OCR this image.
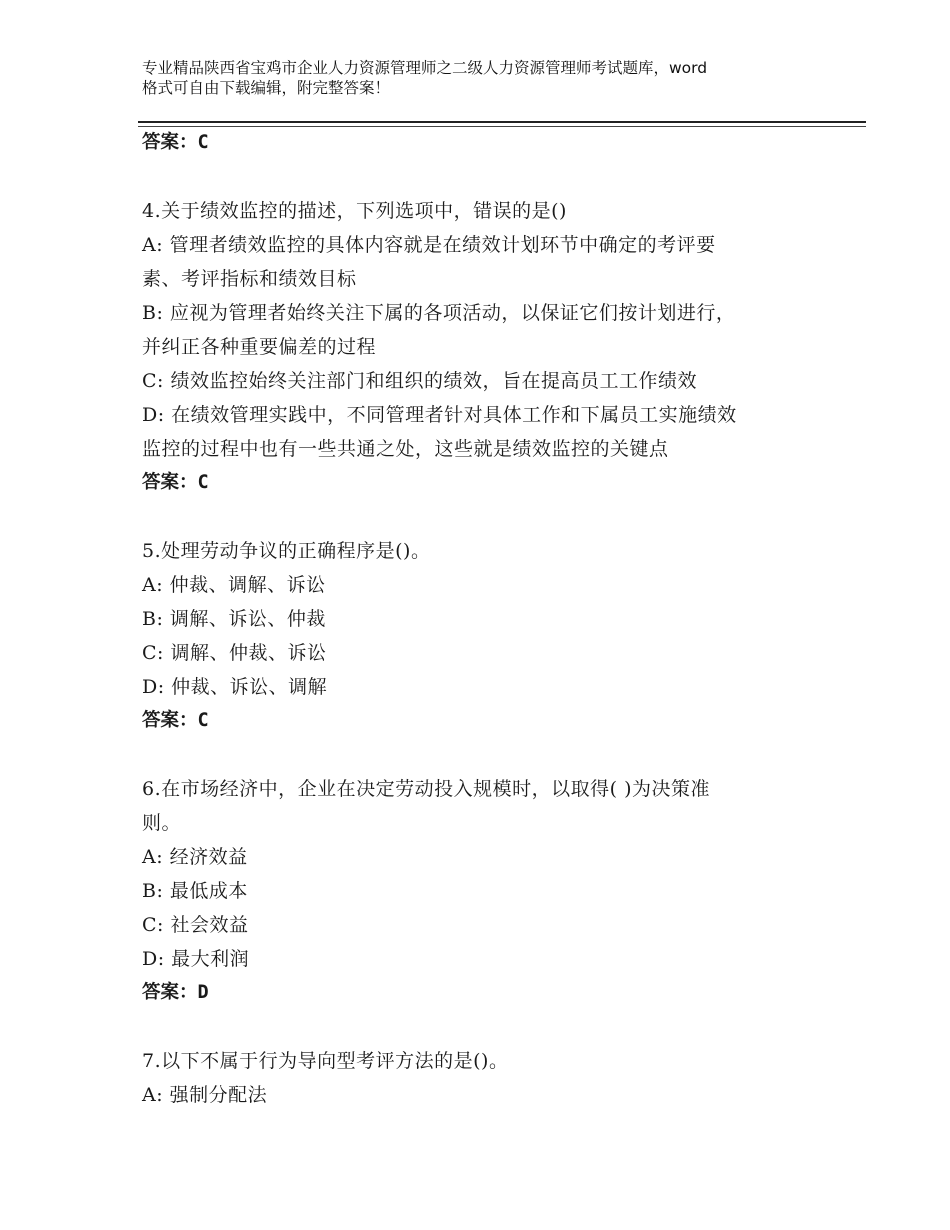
专业精品陕西省宝鸡市企业人力资源管理师之二级人力资源管理师考试题库，word
格式可自由下载编辑，附完整答案！
答案：C
4.关于绩效监控的描述，下列选项中，错误的是()
A: 管理者绩效监控的具体内容就是在绩效计划环节中确定的考评要
素、考评指标和绩效目标
B: 应视为管理者始终关注下属的各项活动，以保证它们按计划进行，
并纠正各种重要偏差的过程
C: 绩效监控始终关注部门和组织的绩效，旨在提高员工工作绩效
D: 在绩效管理实践中，不同管理者针对具体工作和下属员工实施绩效
监控的过程中也有一些共通之处，这些就是绩效监控的关键点
答案：C
5.处理劳动争议的正确程序是()。
A: 仲裁、调解、诉讼
B: 调解、诉讼、仲裁
C: 调解、仲裁、诉讼
D: 仲裁、诉讼、调解
答案：C
6.在市场经济中，企业在决定劳动投入规模时，以取得( )为决策准
则。
A: 经济效益
B: 最低成本
C: 社会效益
D: 最大利润
答案：D
7.以下不属于行为导向型考评方法的是()。
A: 强制分配法
